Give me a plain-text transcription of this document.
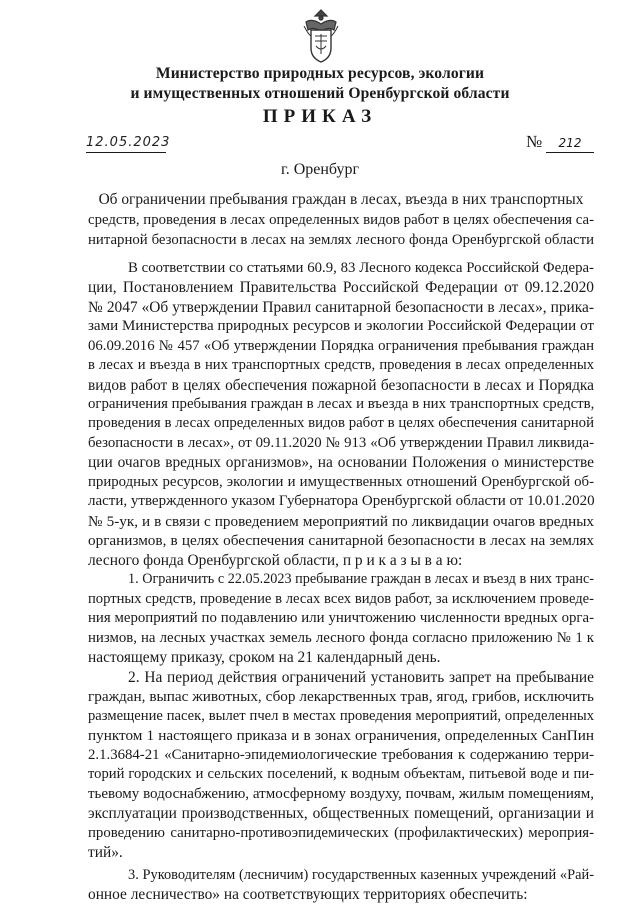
Министерство природных ресурсов, экологии
и имущественных отношений Оренбургской области
ПРИКАЗ
12.05.2023	№	212
г. Оренбург
Об ограничении пребывания граждан в лесах, въезда в них транспортных
средств, проведения в лесах определенных видов работ в целях обеспечения са-
нитарной безопасности в лесах на землях лесного фонда Оренбургской области
В соответствии со статьями 60.9, 83 Лесного кодекса Российской Федера-
ции, Постановлением Правительства Российской Федерации от 09.12.2020
№ 2047 «Об утверждении Правил санитарной безопасности в лесах», прика-
зами Министерства природных ресурсов и экологии Российской Федерации от
06.09.2016 № 457 «Об утверждении Порядка ограничения пребывания граждан
в лесах и въезда в них транспортных средств, проведения в лесах определенных
видов работ в целях обеспечения пожарной безопасности в лесах и Порядка
ограничения пребывания граждан в лесах и въезда в них транспортных средств,
проведения в лесах определенных видов работ в целях обеспечения санитарной
безопасности в лесах», от 09.11.2020 № 913 «Об утверждении Правил ликвида-
ции очагов вредных организмов», на основании Положения о министерстве
природных ресурсов, экологии и имущественных отношений Оренбургской об-
ласти, утвержденного указом Губернатора Оренбургской области от 10.01.2020
№ 5-ук, и в связи с проведением мероприятий по ликвидации очагов вредных
организмов, в целях обеспечения санитарной безопасности в лесах на землях
лесного фонда Оренбургской области, п р и к а з ы в а ю:
1. Ограничить с 22.05.2023 пребывание граждан в лесах и въезд в них транс-
портных средств, проведение в лесах всех видов работ, за исключением проведе-
ния мероприятий по подавлению или уничтожению численности вредных орга-
низмов, на лесных участках земель лесного фонда согласно приложению № 1 к
настоящему приказу, сроком на 21 календарный день.
2. На период действия ограничений установить запрет на пребывание
граждан, выпас животных, сбор лекарственных трав, ягод, грибов, исключить
размещение пасек, вылет пчел в местах проведения мероприятий, определенных
пунктом 1 настоящего приказа и в зонах ограничения, определенных СанПин
2.1.3684-21 «Санитарно-эпидемиологические требования к содержанию терри-
торий городских и сельских поселений, к водным объектам, питьевой воде и пи-
тьевому водоснабжению, атмосферному воздуху, почвам, жилым помещениям,
эксплуатации производственных, общественных помещений, организации и
проведению санитарно-противоэпидемических (профилактических) мероприя-
тий».
3. Руководителям (лесничим) государственных казенных учреждений «Рай-
онное лесничество» на соответствующих территориях обеспечить:
